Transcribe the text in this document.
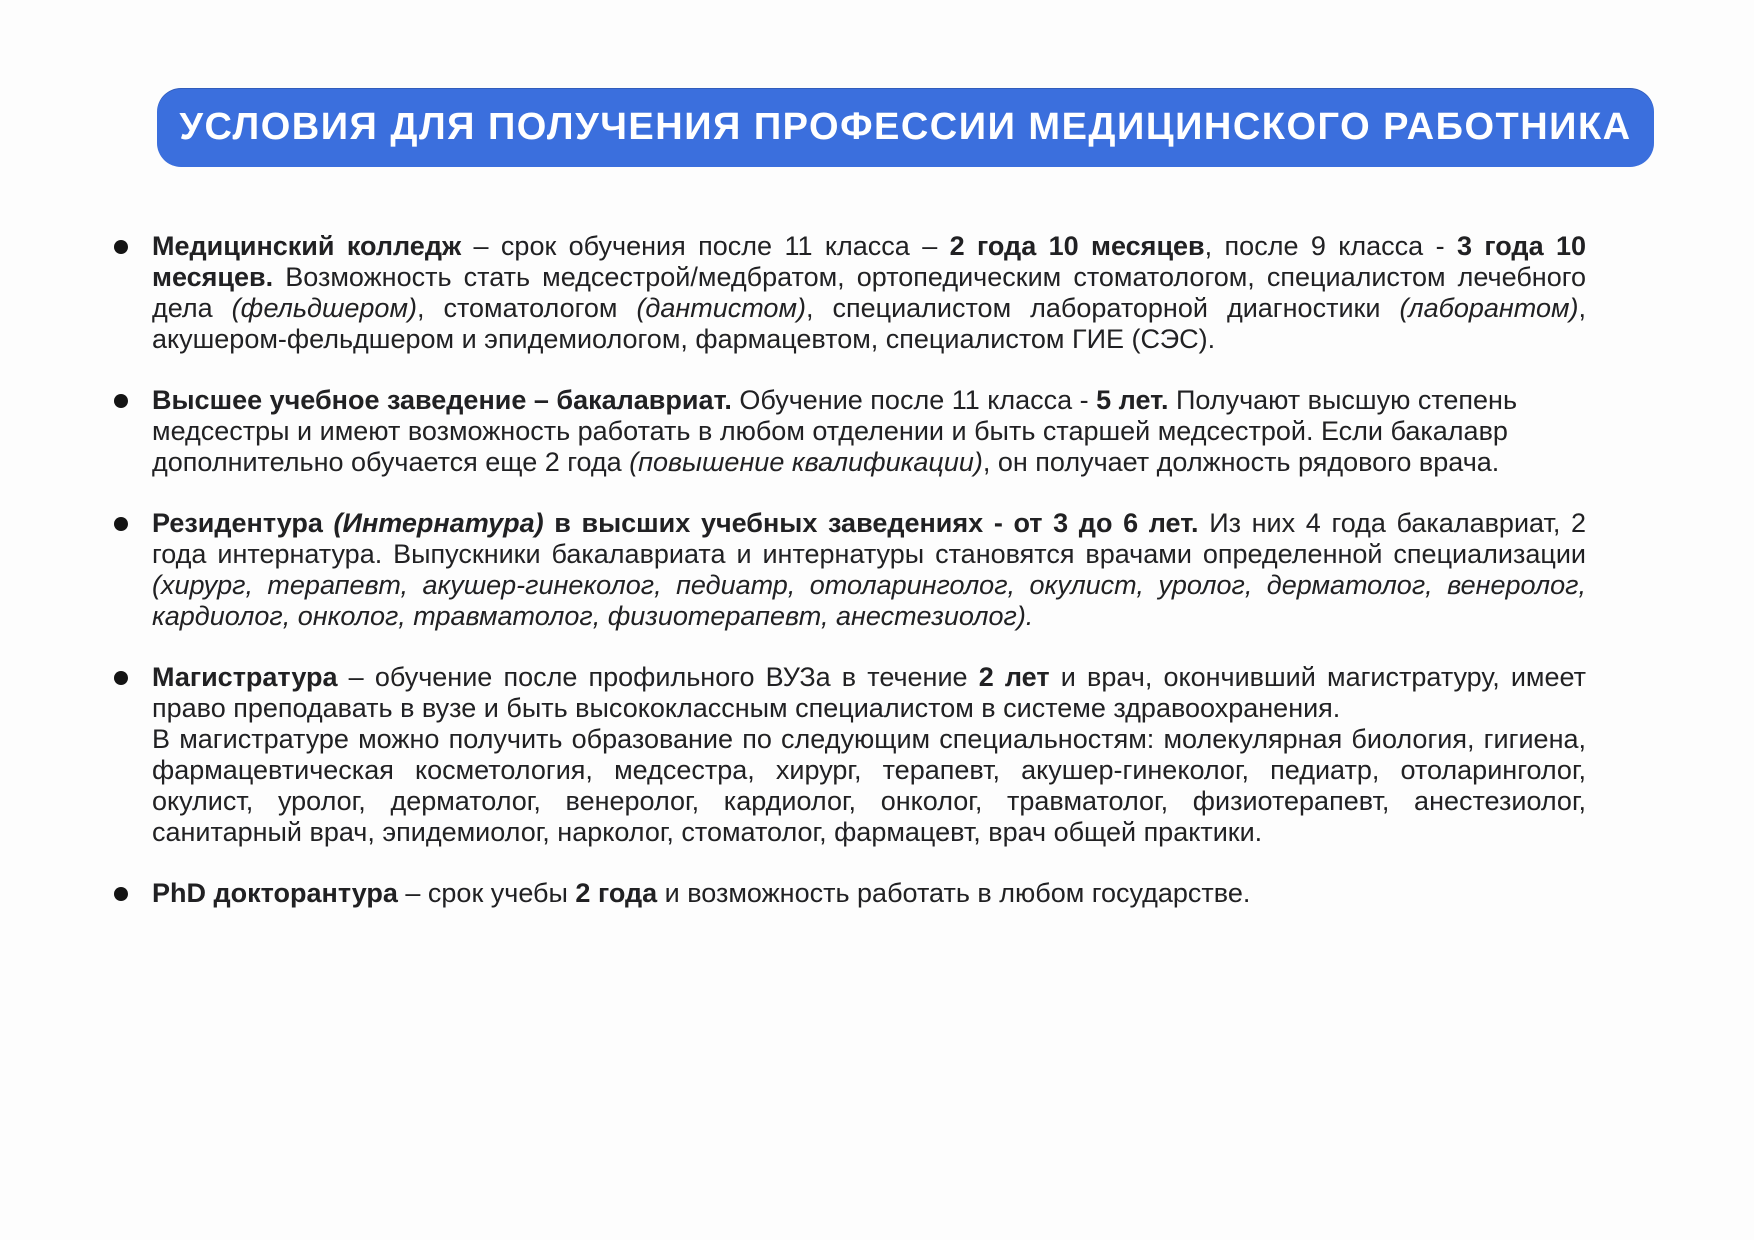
УСЛОВИЯ ДЛЯ ПОЛУЧЕНИЯ ПРОФЕССИИ МЕДИЦИНСКОГО РАБОТНИКА

Медицинский колледж – срок обучения после 11 класса – 2 года 10 месяцев, после 9 класса - 3 года 10 месяцев. Возможность стать медсестрой/медбратом, ортопедическим стоматологом, специалистом лечебного дела (фельдшером), стоматологом (дантистом), специалистом лабораторной диагностики (лаборантом), акушером-фельдшером и эпидемиологом, фармацевтом, специалистом ГИЕ (СЭС).

Высшее учебное заведение – бакалавриат. Обучение после 11 класса - 5 лет. Получают высшую степень медсестры и имеют возможность работать в любом отделении и быть старшей медсестрой. Если бакалавр дополнительно обучается еще 2 года (повышение квалификации), он получает должность рядового врача.

Резидентура (Интернатура) в высших учебных заведениях - от 3 до 6 лет. Из них 4 года бакалавриат, 2 года интернатура. Выпускники бакалавриата и интернатуры становятся врачами определенной специализации (хирург, терапевт, акушер-гинеколог, педиатр, отоларинголог, окулист, уролог, дерматолог, венеролог, кардиолог, онколог, травматолог, физиотерапевт, анестезиолог).

Магистратура – обучение после профильного ВУЗа в течение 2 лет и врач, окончивший магистратуру, имеет право преподавать в вузе и быть высококлассным специалистом в системе здравоохранения.

В магистратуре можно получить образование по следующим специальностям: молекулярная биология, гигиена, фармацевтическая косметология, медсестра, хирург, терапевт, акушер-гинеколог, педиатр, отоларинголог, окулист, уролог, дерматолог, венеролог, кардиолог, онколог, травматолог, физиотерапевт, анестезиолог, санитарный врач, эпидемиолог, нарколог, стоматолог, фармацевт, врач общей практики.

PhD докторантура – срок учебы 2 года и возможность работать в любом государстве.
